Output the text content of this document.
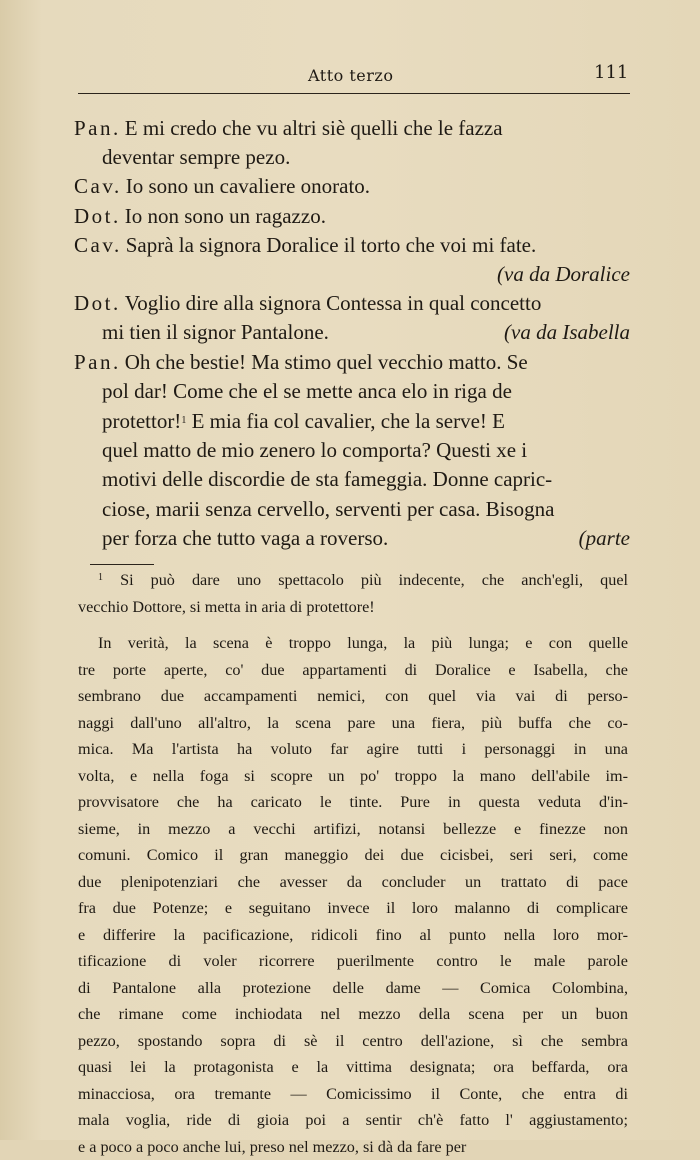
Atto terzo	111
Pan. E mi credo che vu altri siè quelli che le fazza
deventar sempre pezo.
Cav. Io sono un cavaliere onorato.
Dot. Io non sono un ragazzo.
Cav. Saprà la signora Doralice il torto che voi mi fate.
(va da Doralice
Dot. Voglio dire alla signora Contessa in qual concetto
mi tien il signor Pantalone.	(va da Isabella
Pan. Oh che bestie! Ma stimo quel vecchio matto. Se
pol dar! Come che el se mette anca elo in riga de
protettor!$^1$ E mia fia col cavalier, che la serve! E
quel matto de mio zenero lo comporta? Questi xe i
motivi delle discordie de sta fameggia. Donne capric-
ciose, marii senza cervello, serventi per casa. Bisogna
per forza che tutto vaga a roverso.	(parte

$^1$ Si può dare uno spettacolo più indecente, che anch'egli, quel
vecchio Dottore, si metta in aria di protettore!

In verità, la scena è troppo lunga, la più lunga; e con quelle
tre porte aperte, co' due appartamenti di Doralice e Isabella, che
sembrano due accampamenti nemici, con quel via vai di perso-
naggi dall'uno all'altro, la scena pare una fiera, più buffa che co-
mica. Ma l'artista ha voluto far agire tutti i personaggi in una
volta, e nella foga si scopre un po' troppo la mano dell'abile im-
provvisatore che ha caricato le tinte. Pure in questa veduta d'in-
sieme, in mezzo a vecchi artifizi, notansi bellezze e finezze non
comuni. Comico il gran maneggio dei due cicisbei, seri seri, come
due plenipotenziari che avesser da concluder un trattato di pace
fra due Potenze; e seguitano invece il loro malanno di complicare
e differire la pacificazione, ridicoli fino al punto nella loro mor-
tificazione di voler ricorrere puerilmente contro le male parole
di Pantalone alla protezione delle dame — Comica Colombina,
che rimane come inchiodata nel mezzo della scena per un buon
pezzo, spostando sopra di sè il centro dell'azione, sì che sembra
quasi lei la protagonista e la vittima designata; ora beffarda, ora
minacciosa, ora tremante — Comicissimo il Conte, che entra di
mala voglia, ride di gioia poi a sentir ch'è fatto l' aggiustamento;
e a poco a poco anche lui, preso nel mezzo, si dà da fare per
